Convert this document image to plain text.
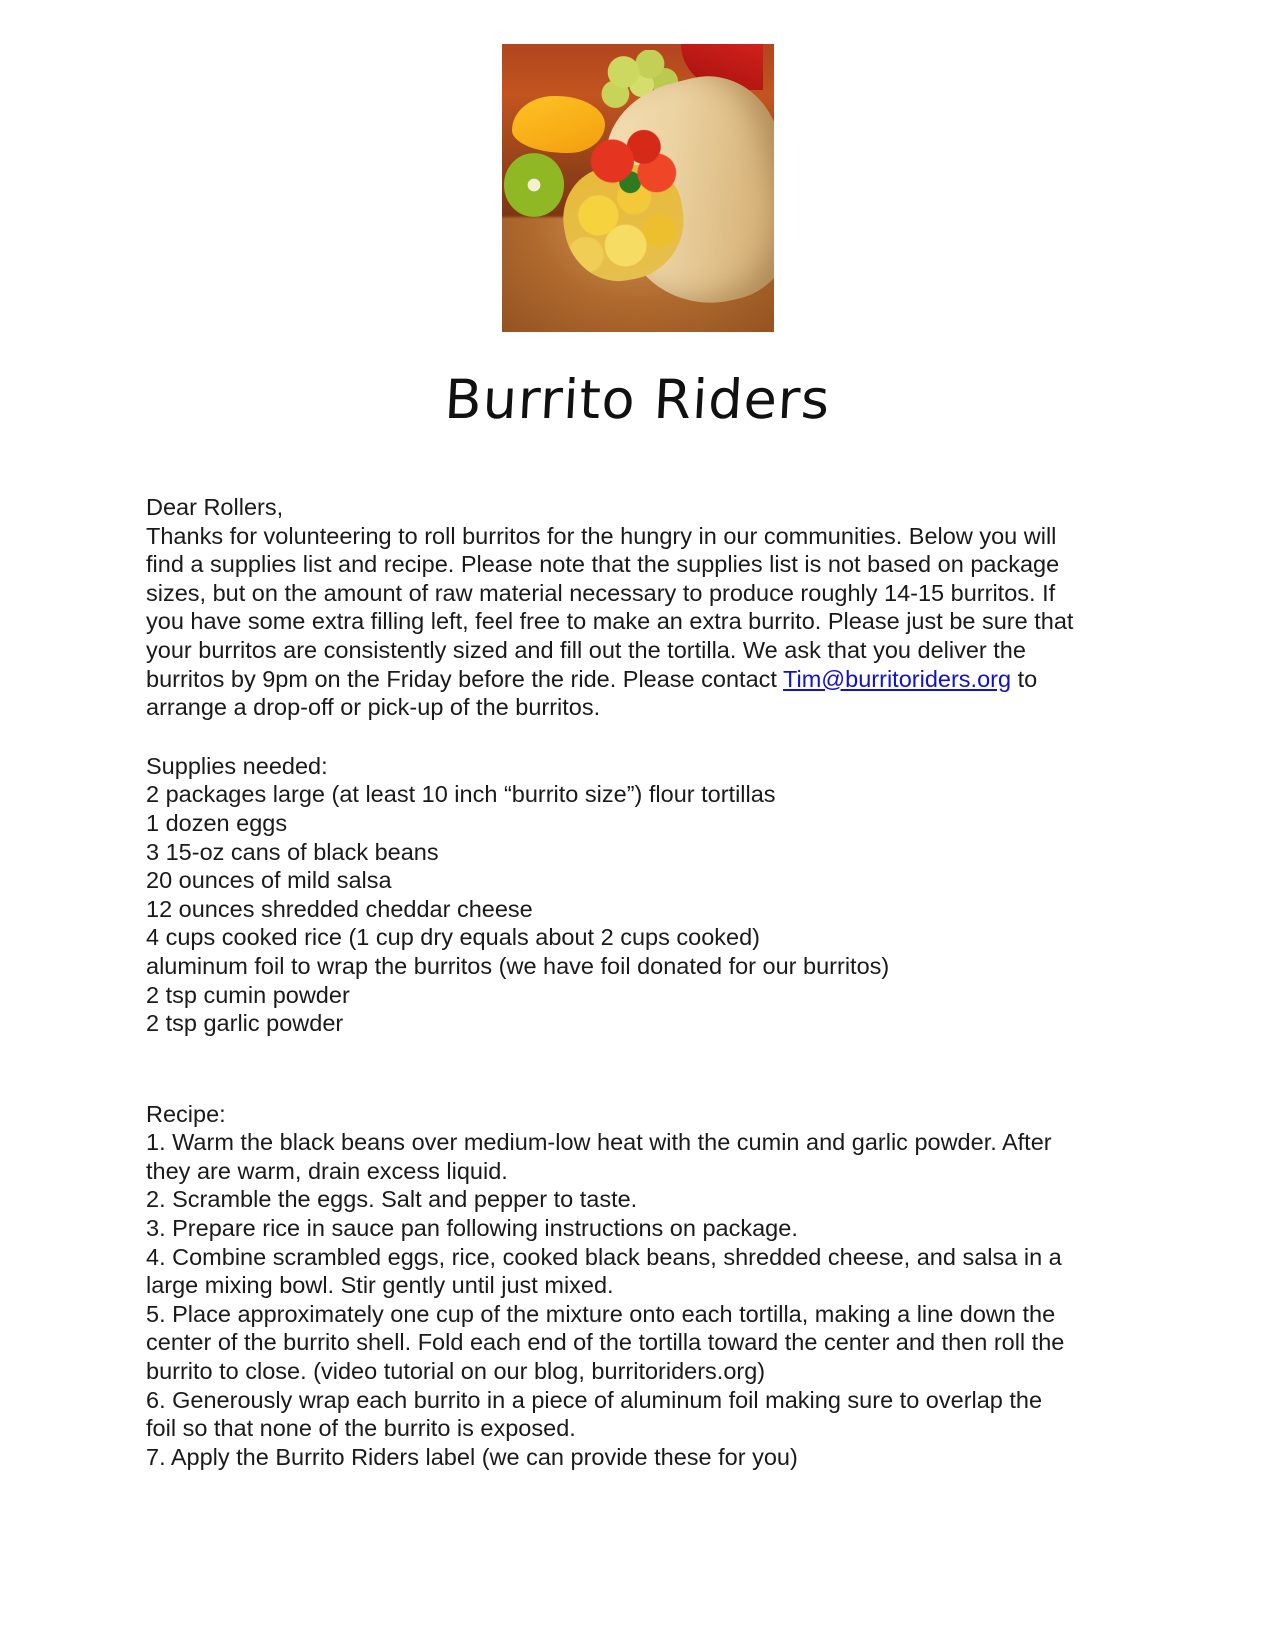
Burrito Riders

Dear Rollers,

Thanks for volunteering to roll burritos for the hungry in our communities. Below you will find a supplies list and recipe. Please note that the supplies list is not based on package sizes, but on the amount of raw material necessary to produce roughly 14-15 burritos. If you have some extra filling left, feel free to make an extra burrito. Please just be sure that your burritos are consistently sized and fill out the tortilla. We ask that you deliver the burritos by 9pm on the Friday before the ride. Please contact Tim@burritoriders.org to arrange a drop-off or pick-up of the burritos.

Supplies needed:

2 packages large (at least 10 inch “burrito size”) flour tortillas

1 dozen eggs

3 15-oz cans of black beans

20 ounces of mild salsa

12 ounces shredded cheddar cheese

4 cups cooked rice (1 cup dry equals about 2 cups cooked)

aluminum foil to wrap the burritos (we have foil donated for our burritos)

2 tsp cumin powder

2 tsp garlic powder

Recipe:

1. Warm the black beans over medium-low heat with the cumin and garlic powder. After they are warm, drain excess liquid.

2. Scramble the eggs. Salt and pepper to taste.

3. Prepare rice in sauce pan following instructions on package.

4. Combine scrambled eggs, rice, cooked black beans, shredded cheese, and salsa in a large mixing bowl. Stir gently until just mixed.

5. Place approximately one cup of the mixture onto each tortilla, making a line down the center of the burrito shell. Fold each end of the tortilla toward the center and then roll the burrito to close. (video tutorial on our blog, burritoriders.org)

6. Generously wrap each burrito in a piece of aluminum foil making sure to overlap the foil so that none of the burrito is exposed.

7. Apply the Burrito Riders label (we can provide these for you)
